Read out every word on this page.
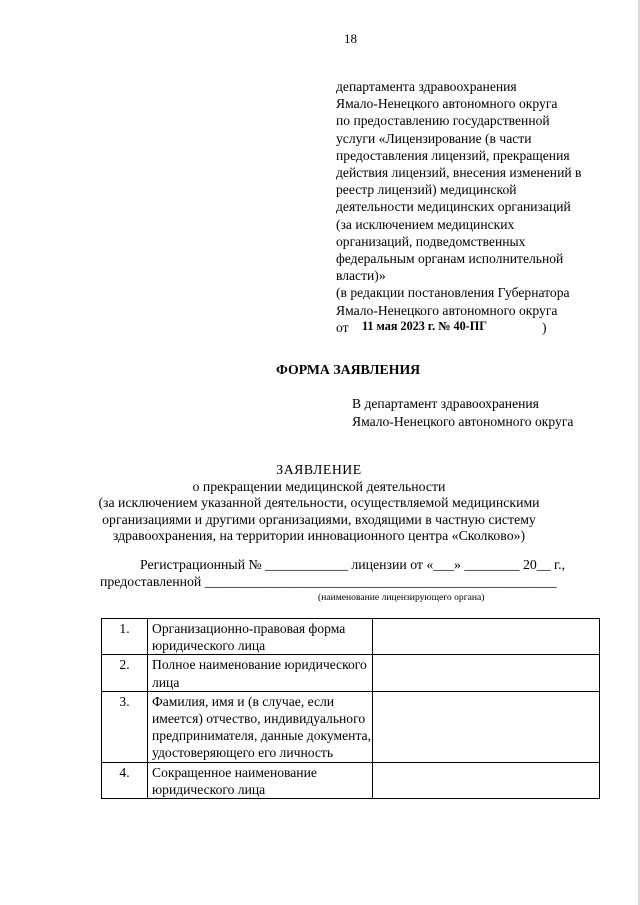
18
департамента здравоохранения
Ямало-Ненецкого автономного округа
по предоставлению государственной
услуги «Лицензирование (в части
предоставления лицензий, прекращения
действия лицензий, внесения изменений в
реестр лицензий) медицинской
деятельности медицинских организаций
(за исключением медицинских
организаций, подведомственных
федеральным органам исполнительной
власти)»
(в редакции постановления Губернатора
Ямало-Ненецкого автономного округа
от 11 мая 2023 г. № 40-ПГ	)
ФОРМА ЗАЯВЛЕНИЯ
В департамент здравоохранения
Ямало-Ненецкого автономного округа
ЗАЯВЛЕНИЕ
о прекращении медицинской деятельности
(за исключением указанной деятельности, осуществляемой медицинскими
организациями и другими организациями, входящими в частную систему
здравоохранения, на территории инновационного центра «Сколково»)
Регистрационный № ____________ лицензии от «___» ________ 20__ г.,
предоставленной ___________________________________________________
(наименование лицензирующего органа)
1.	Организационно-правовая форма юридического лица	

2.	Полное наименование юридического лица	

3.	Фамилия, имя и (в случае, если имеется) отчество, индивидуального предпринимателя, данные документа, удостоверяющего его личность	

4.	Сокращенное наименование юридического лица	
